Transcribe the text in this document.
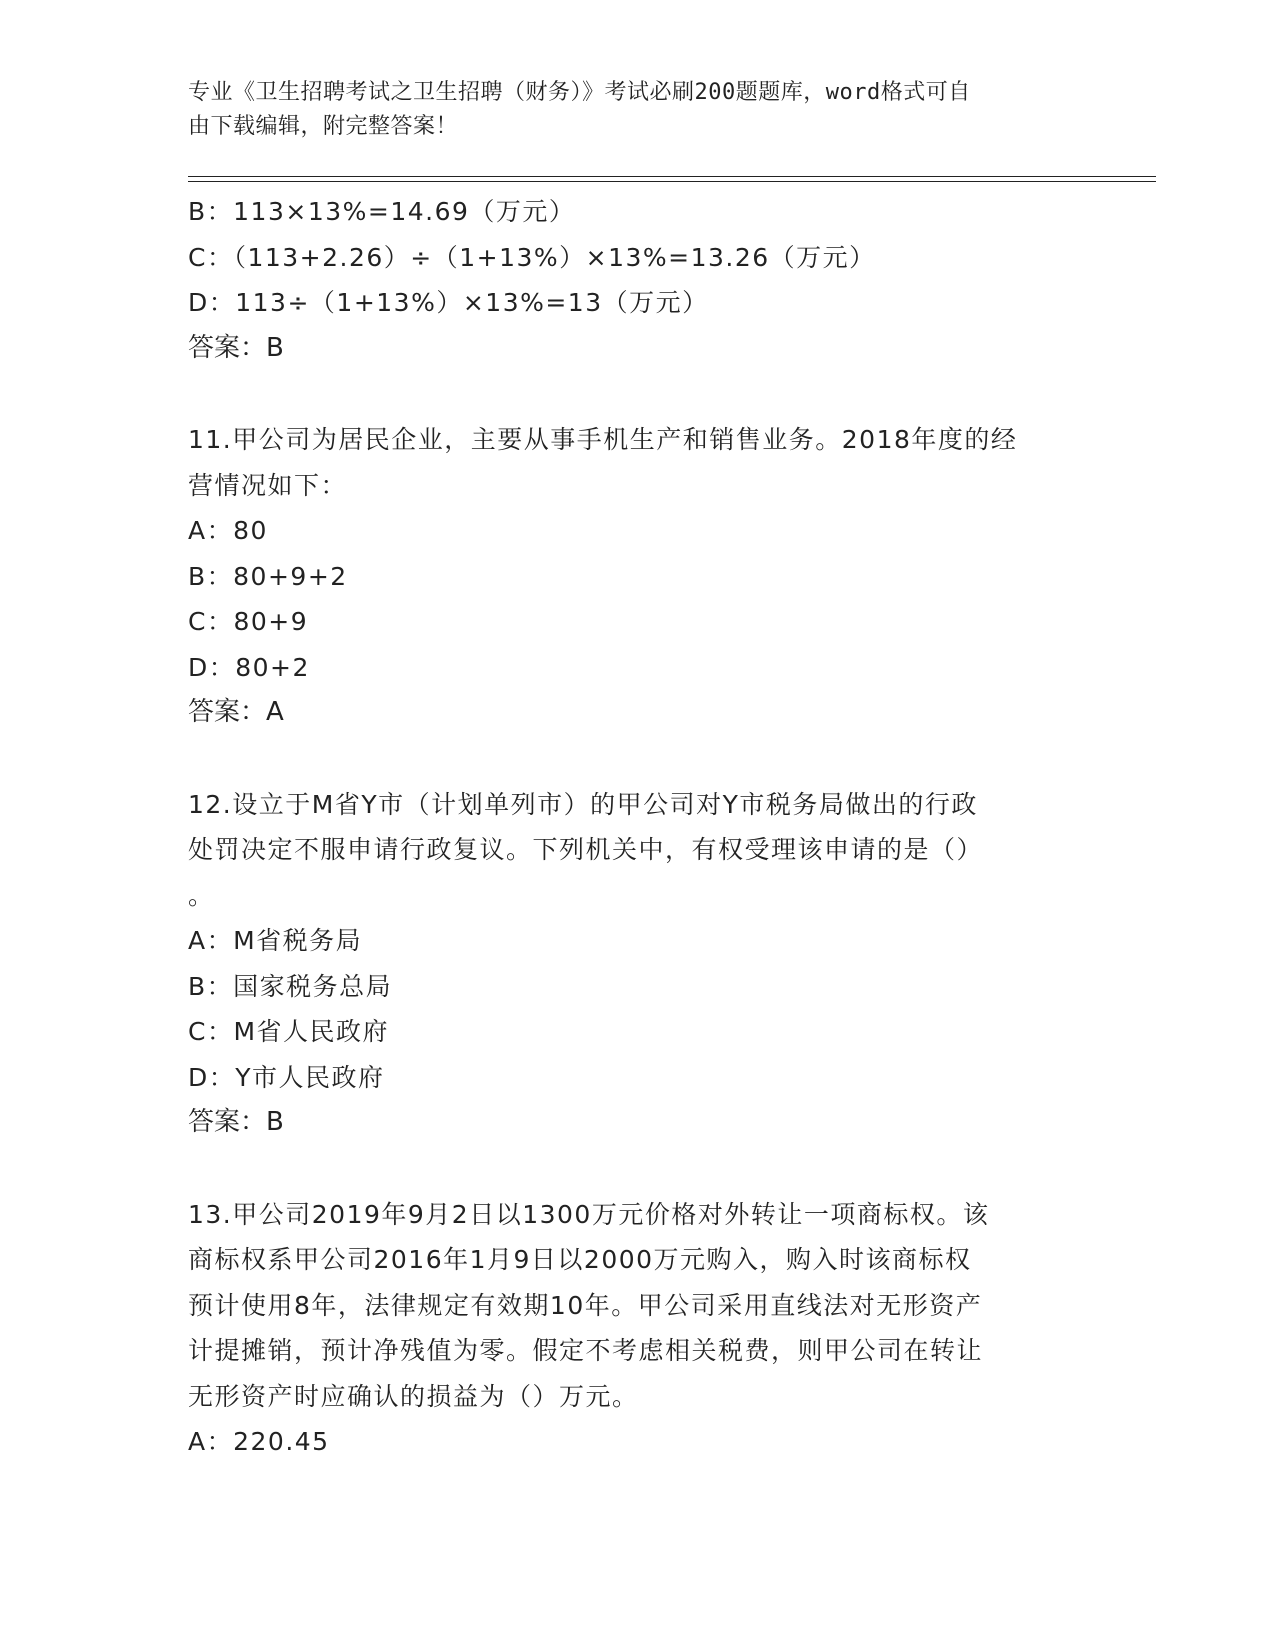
专业《卫生招聘考试之卫生招聘（财务）》考试必刷200题题库，word格式可自
由下载编辑，附完整答案！
B：113×13%=14.69（万元）
C：（113+2.26）÷（1+13%）×13%=13.26（万元）
D：113÷（1+13%）×13%=13（万元）
答案：B
11.甲公司为居民企业，主要从事手机生产和销售业务。2018年度的经
营情况如下：
A：80
B：80+9+2
C：80+9
D：80+2
答案：A
12.设立于M省Y市（计划单列市）的甲公司对Y市税务局做出的行政
处罚决定不服申请行政复议。下列机关中，有权受理该申请的是（）
。
A：M省税务局
B：国家税务总局
C：M省人民政府
D：Y市人民政府
答案：B
13.甲公司2019年9月2日以1300万元价格对外转让一项商标权。该
商标权系甲公司2016年1月9日以2000万元购入，购入时该商标权
预计使用8年，法律规定有效期10年。甲公司采用直线法对无形资产
计提摊销，预计净残值为零。假定不考虑相关税费，则甲公司在转让
无形资产时应确认的损益为（）万元。
A：220.45
